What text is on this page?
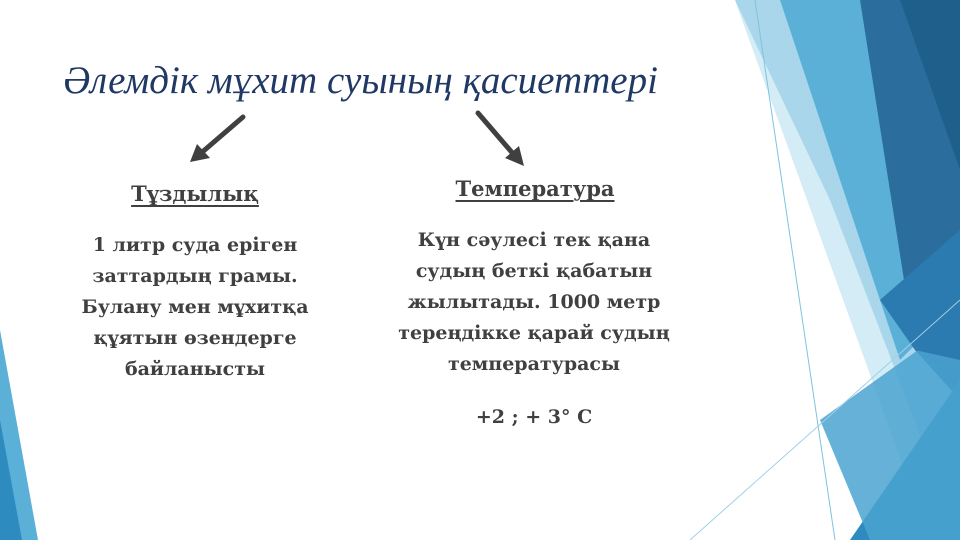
Әлемдік мұхит суының қасиеттері
Тұздылық
1 литр суда еріген заттардың грамы. Булану мен мұхитқа құятын өзендерге байланысты
Температура
Күн сәулесі тек қана
судың беткі қабатын
жылытады. 1000 метр
тереңдікке қарай судың
температурасы
+2 ; + 3° С
